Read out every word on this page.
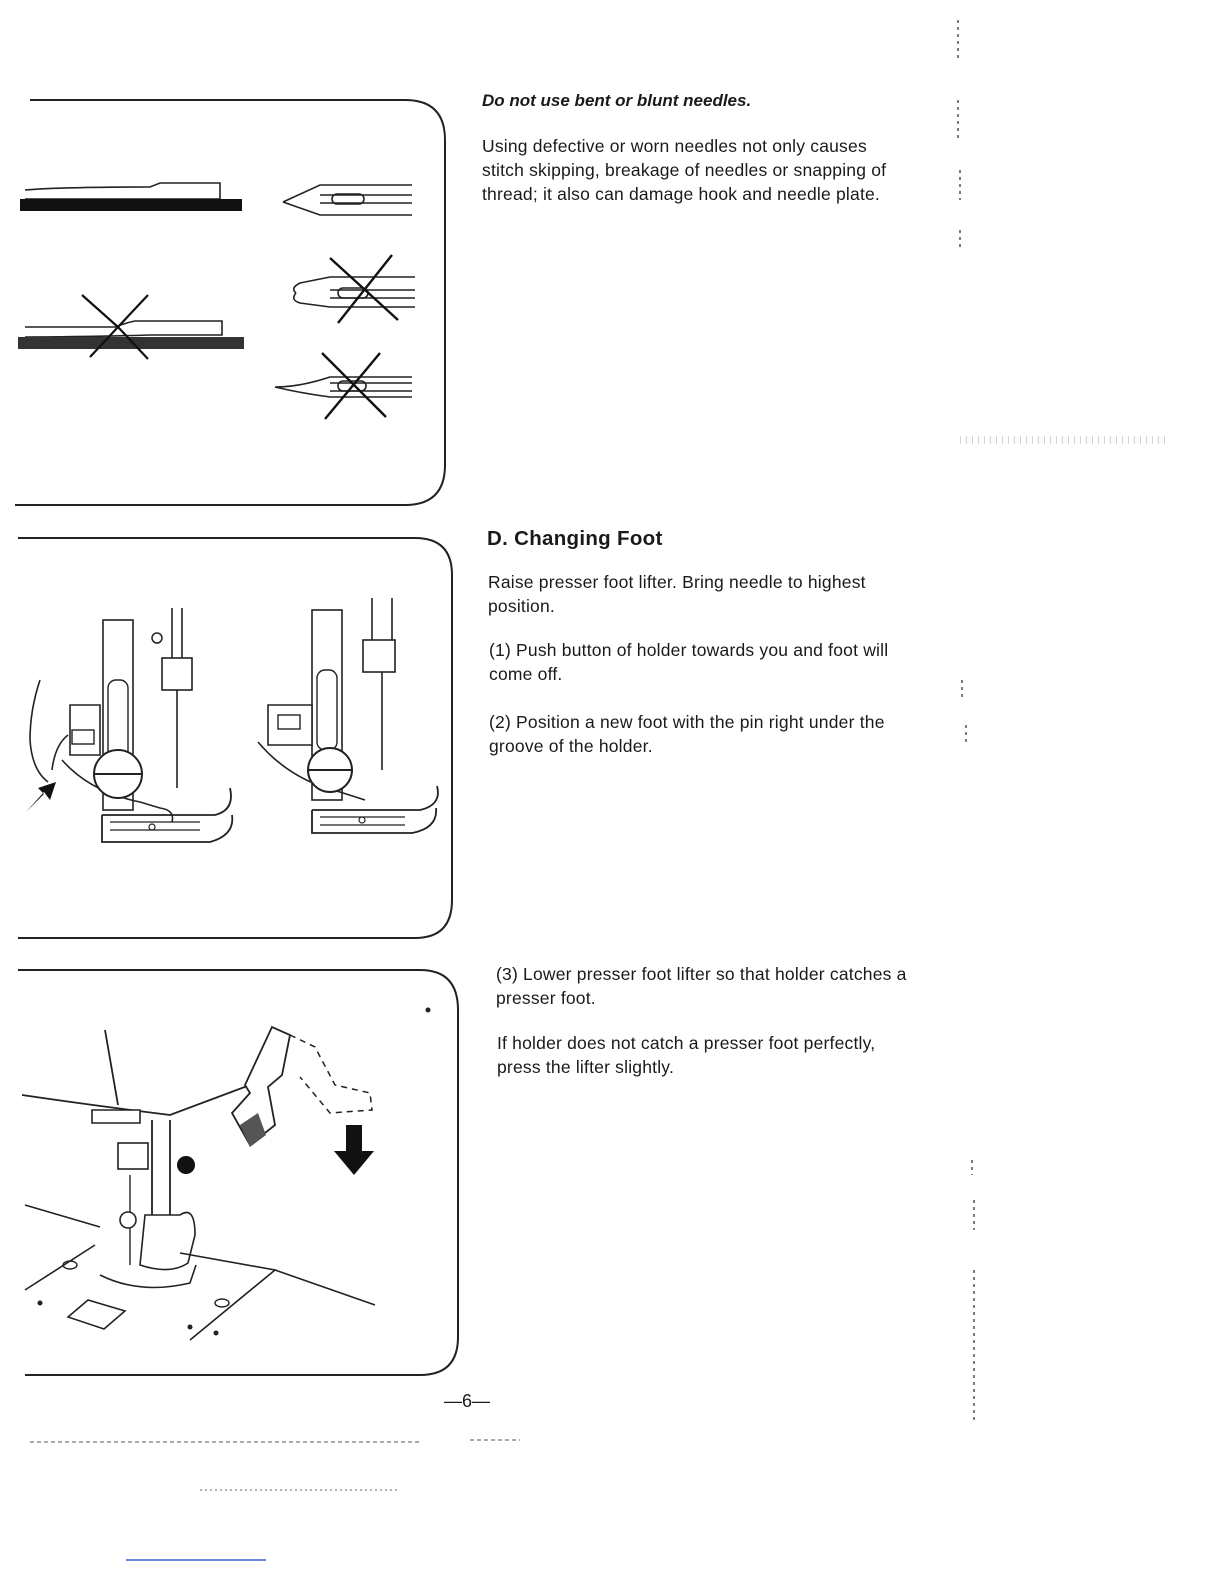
Do not use bent or blunt needles.

Using defective or worn needles not only causes stitch skipping, breakage of needles or snapping of thread; it also can damage hook and needle plate.

D. Changing Foot

Raise presser foot lifter. Bring needle to highest position.

(1) Push button of holder towards you and foot will come off.

(2) Position a new foot with the pin right under the groove of the holder.

(3) Lower presser foot lifter so that holder catches a presser foot.

If holder does not catch a presser foot perfectly, press the lifter slightly.

—6—
